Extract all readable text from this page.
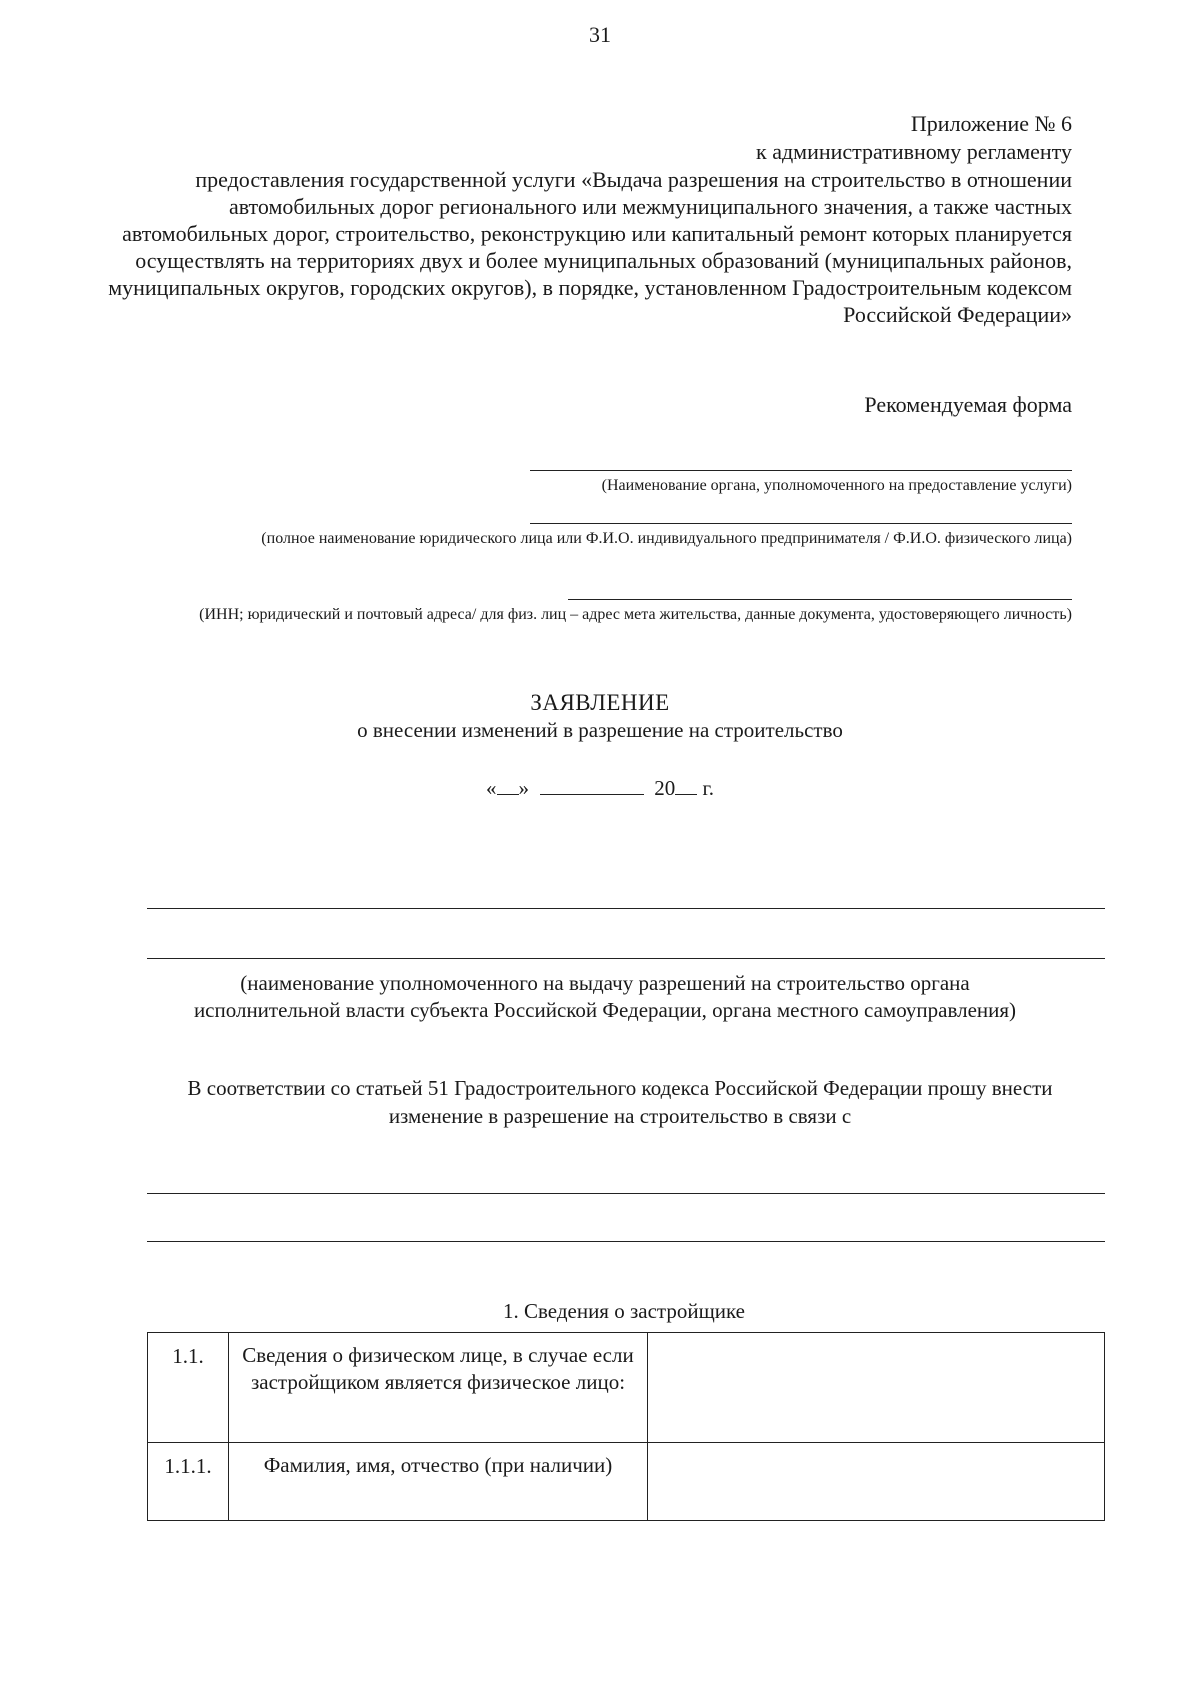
31
Приложение № 6
к административному регламенту
предоставления государственной услуги «Выдача разрешения на строительство в отношении автомобильных дорог регионального или межмуниципального значения, а также частных автомобильных дорог, строительство, реконструкцию или капитальный ремонт которых планируется осуществлять на территориях двух и более муниципальных образований (муниципальных районов, муниципальных округов, городских округов), в порядке, установленном Градостроительным кодексом Российской Федерации»
Рекомендуемая форма
(Наименование органа, уполномоченного на предоставление услуги)
(полное наименование юридического лица или Ф.И.О. индивидуального предпринимателя / Ф.И.О. физического лица)
(ИНН; юридический и почтовый адреса/ для физ. лиц – адрес мета жительства, данные документа, удостоверяющего личность)
ЗАЯВЛЕНИЕ
о внесении изменений в разрешение на строительство
« »	20 г.
(наименование уполномоченного на выдачу разрешений на строительство органа исполнительной власти субъекта Российской Федерации, органа местного самоуправления)
В соответствии со статьей 51 Градостроительного кодекса Российской Федерации прошу внести изменение в разрешение на строительство в связи с
1. Сведения о застройщике
1.1.	Сведения о физическом лице, в случае если застройщиком является физическое лицо:	
1.1.1.	Фамилия, имя, отчество (при наличии)	
